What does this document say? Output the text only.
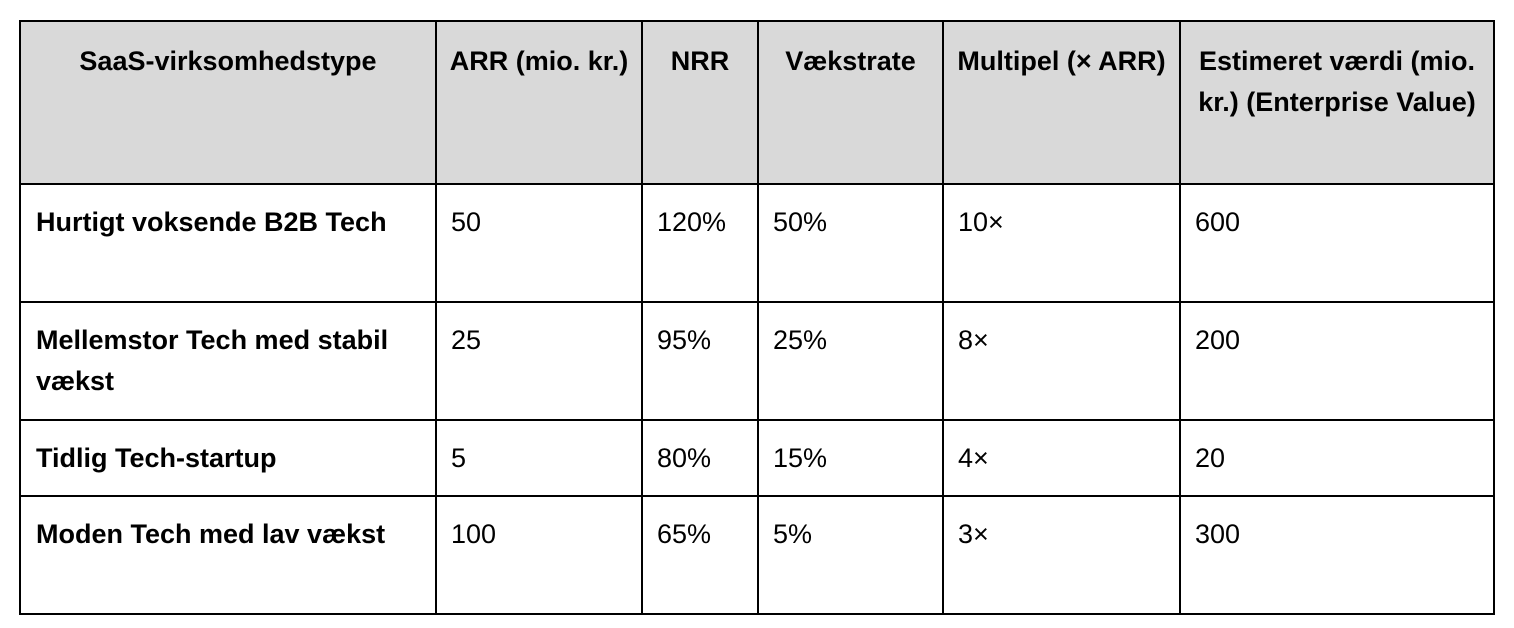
SaaS-virksomhedstype	ARR (mio. kr.)	NRR	Vækstrate	Multipel (× ARR)	Estimeret værdi (mio. kr.) (Enterprise Value)
Hurtigt voksende B2B Tech	50	120%	50%	10×	600
Mellemstor Tech med stabil vækst	25	95%	25%	8×	200
Tidlig Tech-startup	5	80%	15%	4×	20
Moden Tech med lav vækst	100	65%	5%	3×	300
